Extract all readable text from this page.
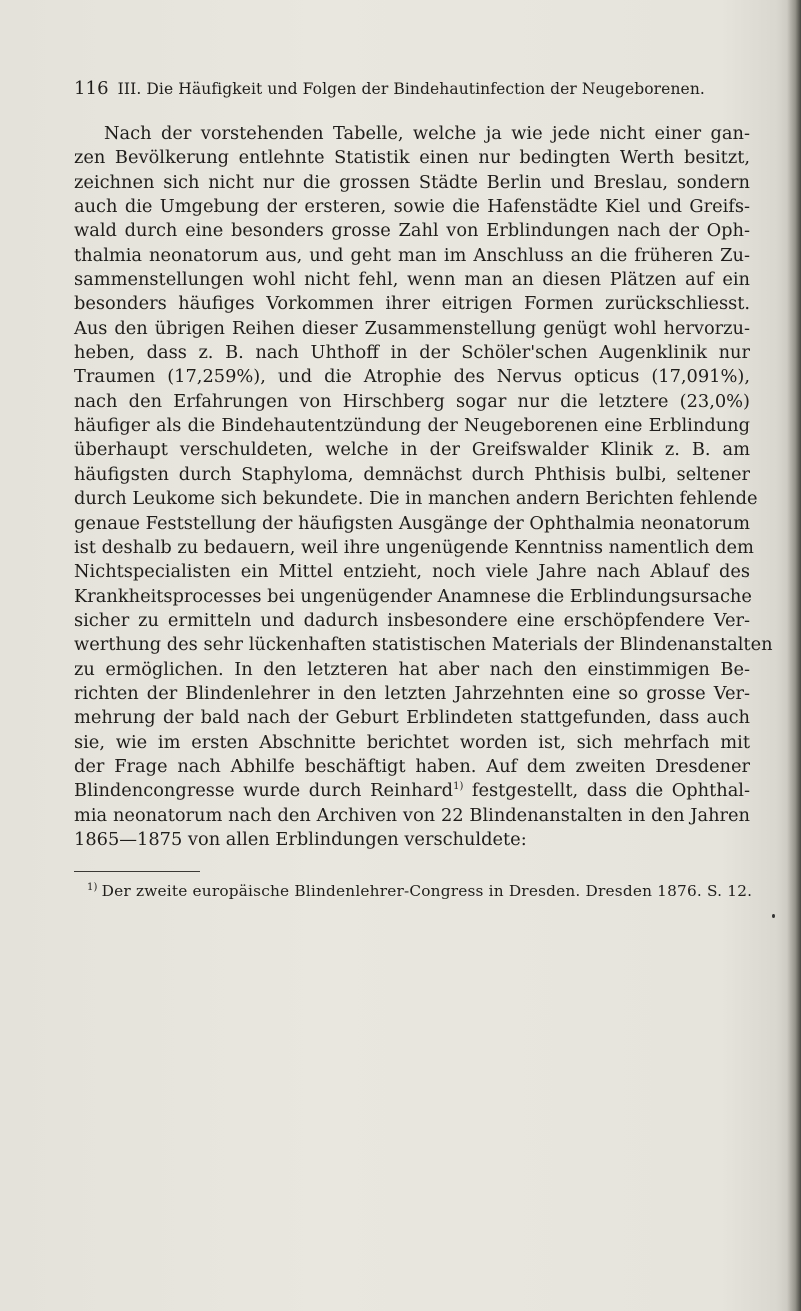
116 III. Die Häufigkeit und Folgen der Bindehautinfection der Neugeborenen.
Nach der vorstehenden Tabelle, welche ja wie jede nicht einer gan-
zen Bevölkerung entlehnte Statistik einen nur bedingten Werth besitzt,
zeichnen sich nicht nur die grossen Städte Berlin und Breslau, sondern
auch die Umgebung der ersteren, sowie die Hafenstädte Kiel und Greifs-
wald durch eine besonders grosse Zahl von Erblindungen nach der Oph-
thalmia neonatorum aus, und geht man im Anschluss an die früheren Zu-
sammenstellungen wohl nicht fehl, wenn man an diesen Plätzen auf ein
besonders häufiges Vorkommen ihrer eitrigen Formen zurückschliesst.
Aus den übrigen Reihen dieser Zusammenstellung genügt wohl hervorzu-
heben, dass z. B. nach Uhthoff in der Schöler'schen Augenklinik nur
Traumen (17,259%), und die Atrophie des Nervus opticus (17,091%),
nach den Erfahrungen von Hirschberg sogar nur die letztere (23,0%)
häufiger als die Bindehautentzündung der Neugeborenen eine Erblindung
überhaupt verschuldeten, welche in der Greifswalder Klinik z. B. am
häufigsten durch Staphyloma, demnächst durch Phthisis bulbi, seltener
durch Leukome sich bekundete. Die in manchen andern Berichten fehlende
genaue Feststellung der häufigsten Ausgänge der Ophthalmia neonatorum
ist deshalb zu bedauern, weil ihre ungenügende Kenntniss namentlich dem
Nichtspecialisten ein Mittel entzieht, noch viele Jahre nach Ablauf des
Krankheitsprocesses bei ungenügender Anamnese die Erblindungsursache
sicher zu ermitteln und dadurch insbesondere eine erschöpfendere Ver-
werthung des sehr lückenhaften statistischen Materials der Blindenanstalten
zu ermöglichen. In den letzteren hat aber nach den einstimmigen Be-
richten der Blindenlehrer in den letzten Jahrzehnten eine so grosse Ver-
mehrung der bald nach der Geburt Erblindeten stattgefunden, dass auch
sie, wie im ersten Abschnitte berichtet worden ist, sich mehrfach mit
der Frage nach Abhilfe beschäftigt haben. Auf dem zweiten Dresdener
Blindencongresse wurde durch Reinhard$^{1)}$ festgestellt, dass die Ophthal-
mia neonatorum nach den Archiven von 22 Blindenanstalten in den Jahren
1865—1875 von allen Erblindungen verschuldete:
$^{1)}$ Der zweite europäische Blindenlehrer-Congress in Dresden. Dresden 1876. S. 12.
